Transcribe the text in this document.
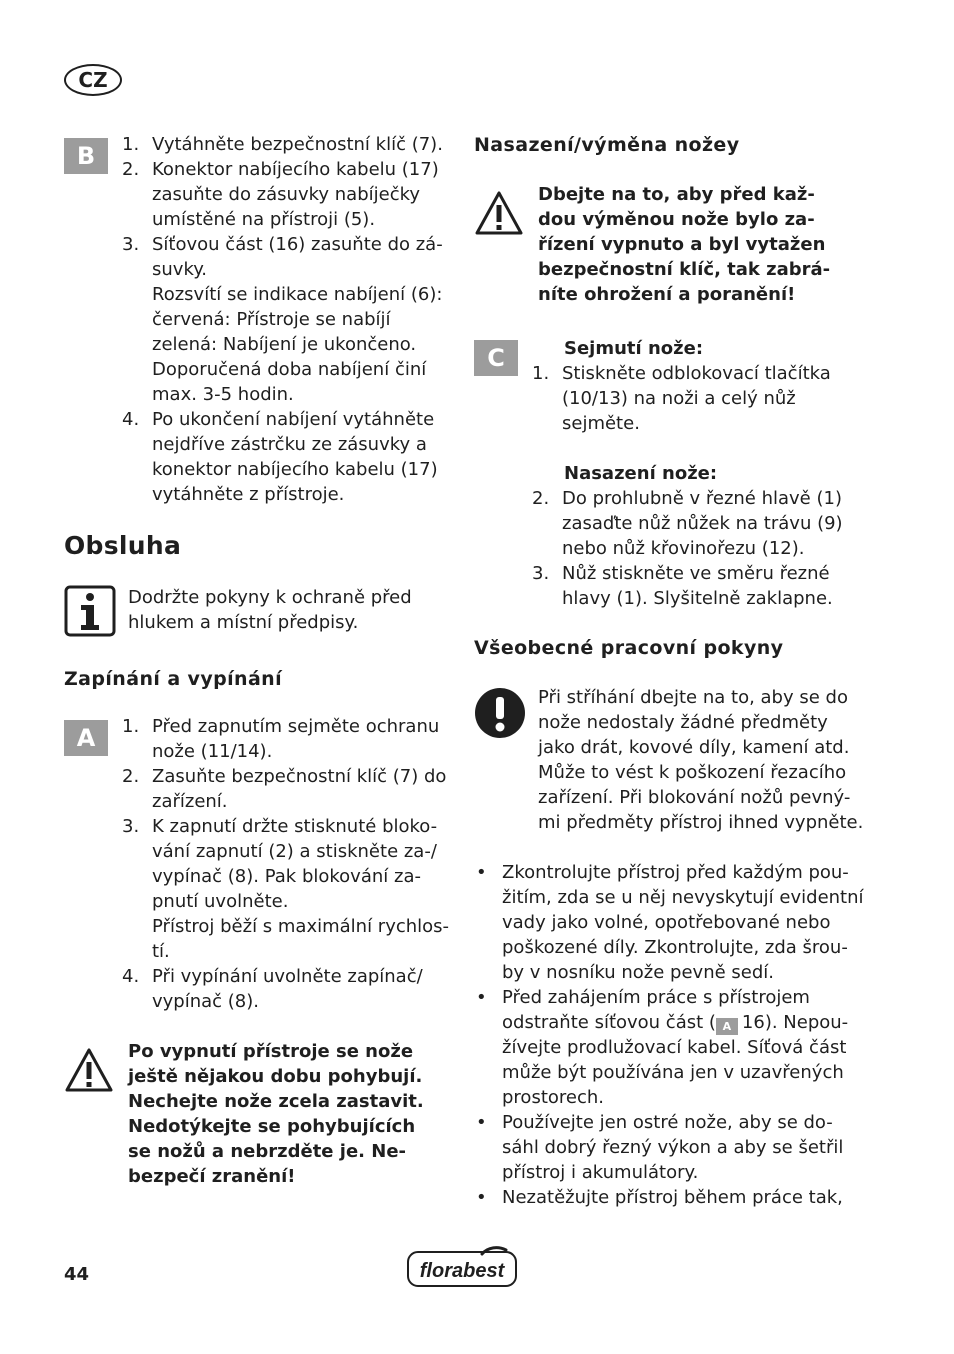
CZ
B	1. Vytáhněte bezpečnostní klíč (7).
2. Konektor nabíjecího kabelu (17)
zasuňte do zásuvky nabíječky
umístěné na přístroji (5).
3. Síťovou část (16) zasuňte do zá-
suvky.
Rozsvítí se indikace nabíjení (6):
červená: Přístroje se nabíjí
zelená: Nabíjení je ukončeno.
Doporučená doba nabíjení činí
max. 3-5 hodin.
4. Po ukončení nabíjení vytáhněte
nejdříve zástrčku ze zásuvky a
konektor nabíjecího kabelu (17)
vytáhněte z přístroje.
Obsluha
Dodržte pokyny k ochraně před
hlukem a místní předpisy.
Zapínání a vypínání
A	1. Před zapnutím sejměte ochranu
nože (11/14).
2. Zasuňte bezpečnostní klíč (7) do
zařízení.
3. K zapnutí držte stisknuté bloko-
vání zapnutí (2) a stiskněte za-/
vypínač (8). Pak blokování za-
pnutí uvolněte.
Přístroj běží s maximální rychlos-
tí.
4. Při vypínání uvolněte zapínač/
vypínač (8).
Po vypnutí přístroje se nože
ještě nějakou dobu pohybují.
Nechejte nože zcela zastavit.
Nedotýkejte se pohybujících
se nožů a nebrzděte je. Ne-
bezpečí zranění!
Nasazení/výměna nožey
Dbejte na to, aby před kaž-
dou výměnou nože bylo za-
řízení vypnuto a byl vytažen
bezpečnostní klíč, tak zabrá-
níte ohrožení a poranění!
C	Sejmutí nože:
1. Stiskněte odblokovací tlačítka
(10/13) na noži a celý nůž
sejměte.
Nasazení nože:
2. Do prohlubně v řezné hlavě (1)
zasaďte nůž nůžek na trávu (9)
nebo nůž křovinořezu (12).
3. Nůž stiskněte ve směru řezné
hlavy (1). Slyšitelně zaklapne.
Všeobecné pracovní pokyny
Při stříhání dbejte na to, aby se do
nože nedostaly žádné předměty
jako drát, kovové díly, kamení atd.
Může to vést k poškození řezacího
zařízení. Při blokování nožů pevný-
mi předměty přístroj ihned vypněte.
• Zkontrolujte přístroj před každým pou-
žitím, zda se u něj nevyskytují evidentní
vady jako volné, opotřebované nebo
poškozené díly. Zkontrolujte, zda šrou-
by v nosníku nože pevně sedí.
• Před zahájením práce s přístrojem
odstraňte síťovou část ( A 16). Nepou-
žívejte prodlužovací kabel. Síťová část
může být používána jen v uzavřených
prostorech.
• Používejte jen ostré nože, aby se do-
sáhl dobrý řezný výkon a aby se šetřil
přístroj i akumulátory.
• Nezatěžujte přístroj během práce tak,
44	florabest
